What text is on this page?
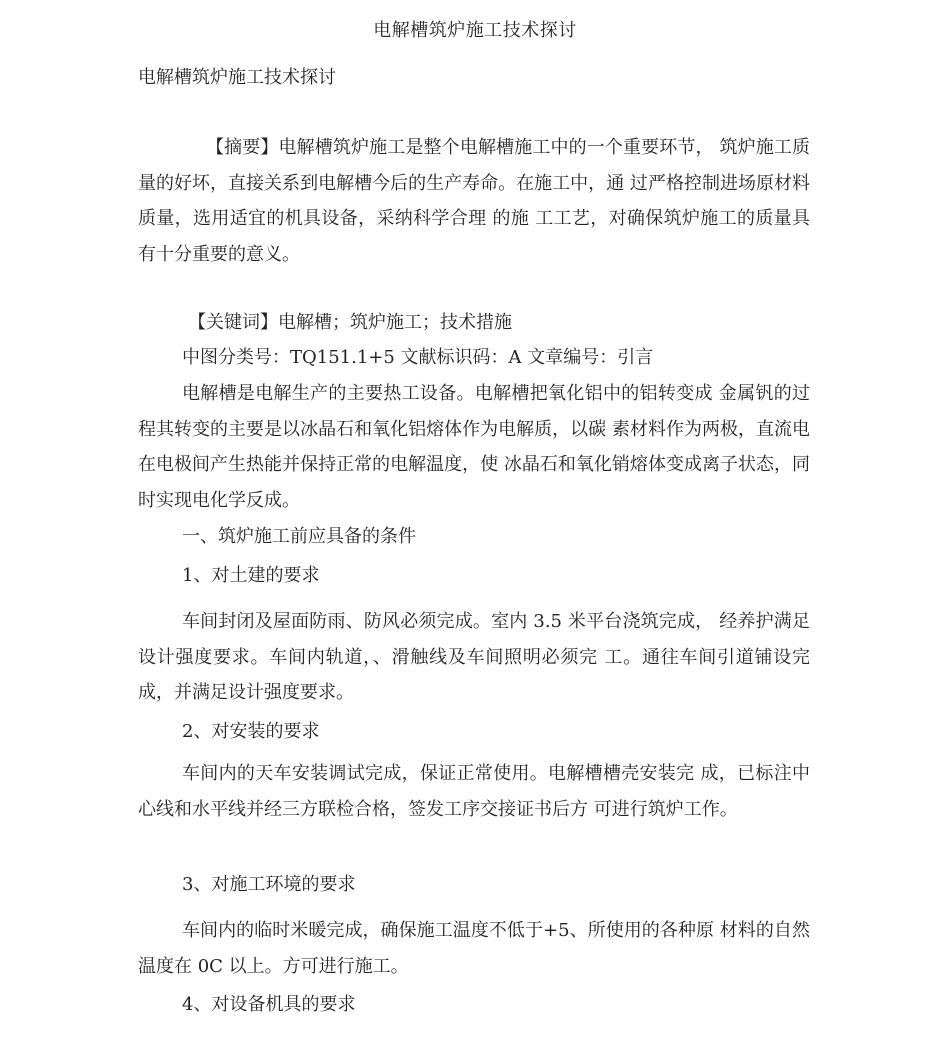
电解槽筑炉施工技术探讨

电解槽筑炉施工技术探讨

【摘要】电解槽筑炉施工是整个电解槽施工中的一个重要环节， 筑炉施工质量的好坏，直接关系到电解槽今后的生产寿命。在施工中，通 过严格控制进场原材料质量，选用适宜的机具设备，采纳科学合理 的施 工工艺，对确保筑炉施工的质量具有十分重要的意义。

【关键词】电解槽；筑炉施工；技术措施

中图分类号：TQ151.1+5 文献标识码：A 文章编号：引言

电解槽是电解生产的主要热工设备。电解槽把氧化铝中的铝转变成 金属钒的过程其转变的主要是以冰晶石和氧化铝熔体作为电解质，以碳 素材料作为两极，直流电在电极间产生热能并保持正常的电解温度，使 冰晶石和氧化销熔体变成离子状态，同时实现电化学反成。

一、筑炉施工前应具备的条件

1、对土建的要求

车间封闭及屋面防雨、防风必须完成。室内 3.5 米平台浇筑完成， 经养护满足设计强度要求。车间内轨道，、滑触线及车间照明必须完 工。通往车间引道铺设完成，并满足设计强度要求。

2、对安装的要求

车间内的天车安装调试完成，保证正常使用。电解槽槽壳安装完 成，已标注中心线和水平线并经三方联检合格，签发工序交接证书后方 可进行筑炉工作。

3、对施工环境的要求

车间内的临时米暖完成，确保施工温度不低于+5、所使用的各种原 材料的自然温度在 0C 以上。方可进行施工。

4、对设备机具的要求
